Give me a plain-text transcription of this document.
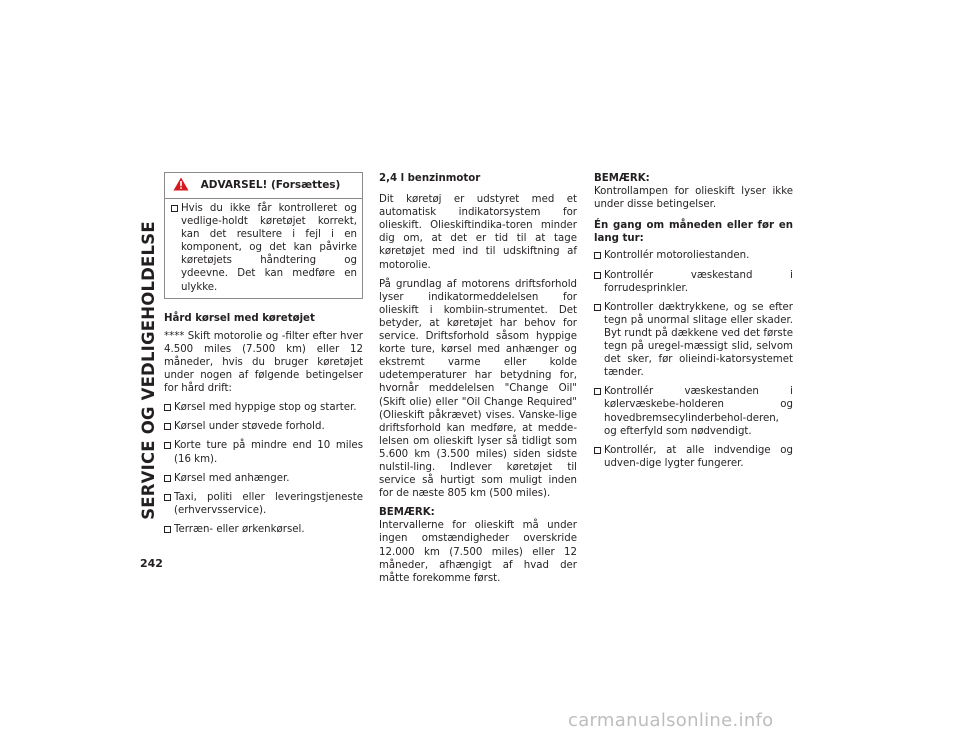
SERVICE OG VEDLIGEHOLDELSE
242
ADVARSEL! (Forsættes)
Hvis du ikke får kontrolleret og vedlige-holdt køretøjet korrekt, kan det resultere i fejl i en komponent, og det kan påvirke køretøjets håndtering og ydeevne. Det kan medføre en ulykke.
Hård kørsel med køretøjet

**** Skift motorolie og -filter efter hver 4.500 miles (7.500 km) eller 12 måneder, hvis du bruger køretøjet under nogen af følgende betingelser for hård drift:

Kørsel med hyppige stop og starter.
Kørsel under støvede forhold.
Korte ture på mindre end 10 miles (16 km).
Kørsel med anhænger.
Taxi, politi eller leveringstjeneste (erhvervsservice).
Terræn- eller ørkenkørsel.
2,4 l benzinmotor

Dit køretøj er udstyret med et automatisk indikatorsystem for olieskift. Olieskiftindika-toren minder dig om, at det er tid til at tage køretøjet med ind til udskiftning af motorolie.

På grundlag af motorens driftsforhold lyser indikatormeddelelsen for olieskift i kombiin-strumentet. Det betyder, at køretøjet har behov for service. Driftsforhold såsom hyppige korte ture, kørsel med anhænger og ekstremt varme eller kolde udetemperaturer har betydning for, hvornår meddelelsen "Change Oil" (Skift olie) eller "Oil Change Required" (Olieskift påkrævet) vises. Vanske-lige driftsforhold kan medføre, at medde-lelsen om olieskift lyser så tidligt som 5.600 km (3.500 miles) siden sidste nulstil-ling. Indlever køretøjet til service så hurtigt som muligt inden for de næste 805 km (500 miles).

BEMÆRK:

Intervallerne for olieskift må under ingen omstændigheder overskride 12.000 km (7.500 miles) eller 12 måneder, afhængigt af hvad der måtte forekomme først.

BEMÆRK:

Kontrollampen for olieskift lyser ikke under disse betingelser.

Én gang om måneden eller før en lang tur:
Kontrollér motoroliestanden.
Kontrollér væskestand i forrudesprinkler.
Kontroller dæktrykkene, og se efter tegn på unormal slitage eller skader. Byt rundt på dækkene ved det første tegn på uregel-mæssigt slid, selvom det sker, før olieindi-katorsystemet tænder.
Kontrollér væskestanden i kølervæskebe-holderen og hovedbremsecylinderbehol-deren, og efterfyld som nødvendigt.
Kontrollér, at alle indvendige og udven-dige lygter fungerer.
carmanualsonline.info
